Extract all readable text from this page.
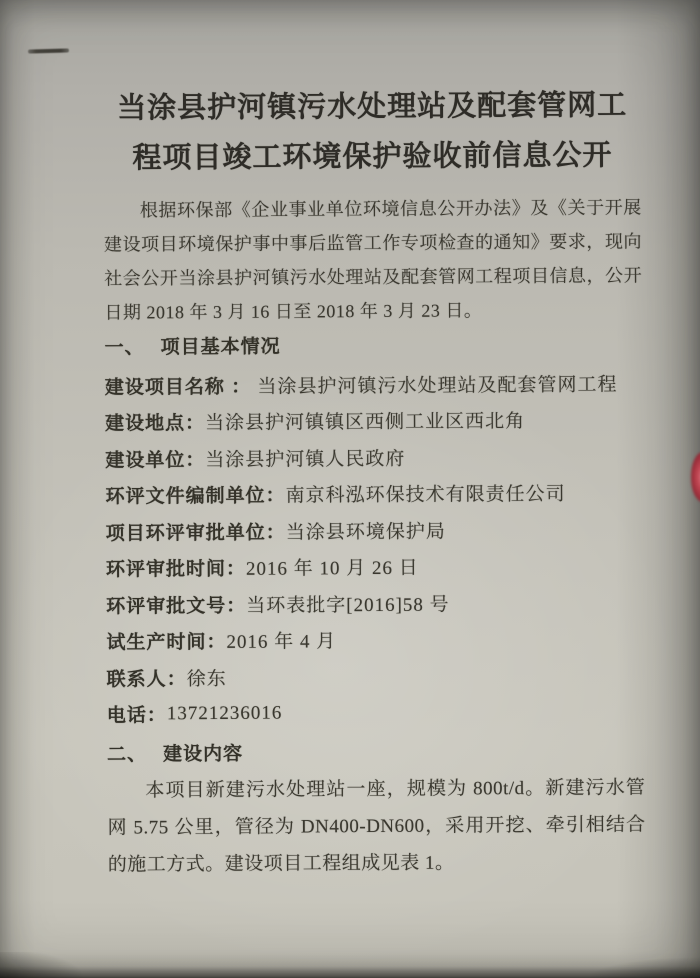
当涂县护河镇污水处理站及配套管网工
程项目竣工环境保护验收前信息公开

根据环保部《企业事业单位环境信息公开办法》及《关于开展建设项目环境保护事中事后监管工作专项检查的通知》要求，现向社会公开当涂县护河镇污水处理站及配套管网工程项目信息，公开日期 2018 年 3 月 16 日至 2018 年 3 月 23 日。

一、 项目基本情况
建设项目名称 ： 当涂县护河镇污水处理站及配套管网工程
建设地点 ： 当涂县护河镇镇区西侧工业区西北角
建设单位 ： 当涂县护河镇人民政府
环评文件编制单位 ： 南京科泓环保技术有限责任公司
项目环评审批单位 ： 当涂县环境保护局
环评审批时间 ： 2016 年 10 月 26 日
环评审批文号 ： 当环表批字[2016]58 号
试生产时间 ： 2016 年 4 月
联系人 ： 徐东
电话 ： 13721236016
二、 建设内容

本项目新建污水处理站一座，规模为 800t/d。新建污水管网 5.75 公里，管径为 DN400-DN600，采用开挖、牵引相结合的施工方式。建设项目工程组成见表 1。
